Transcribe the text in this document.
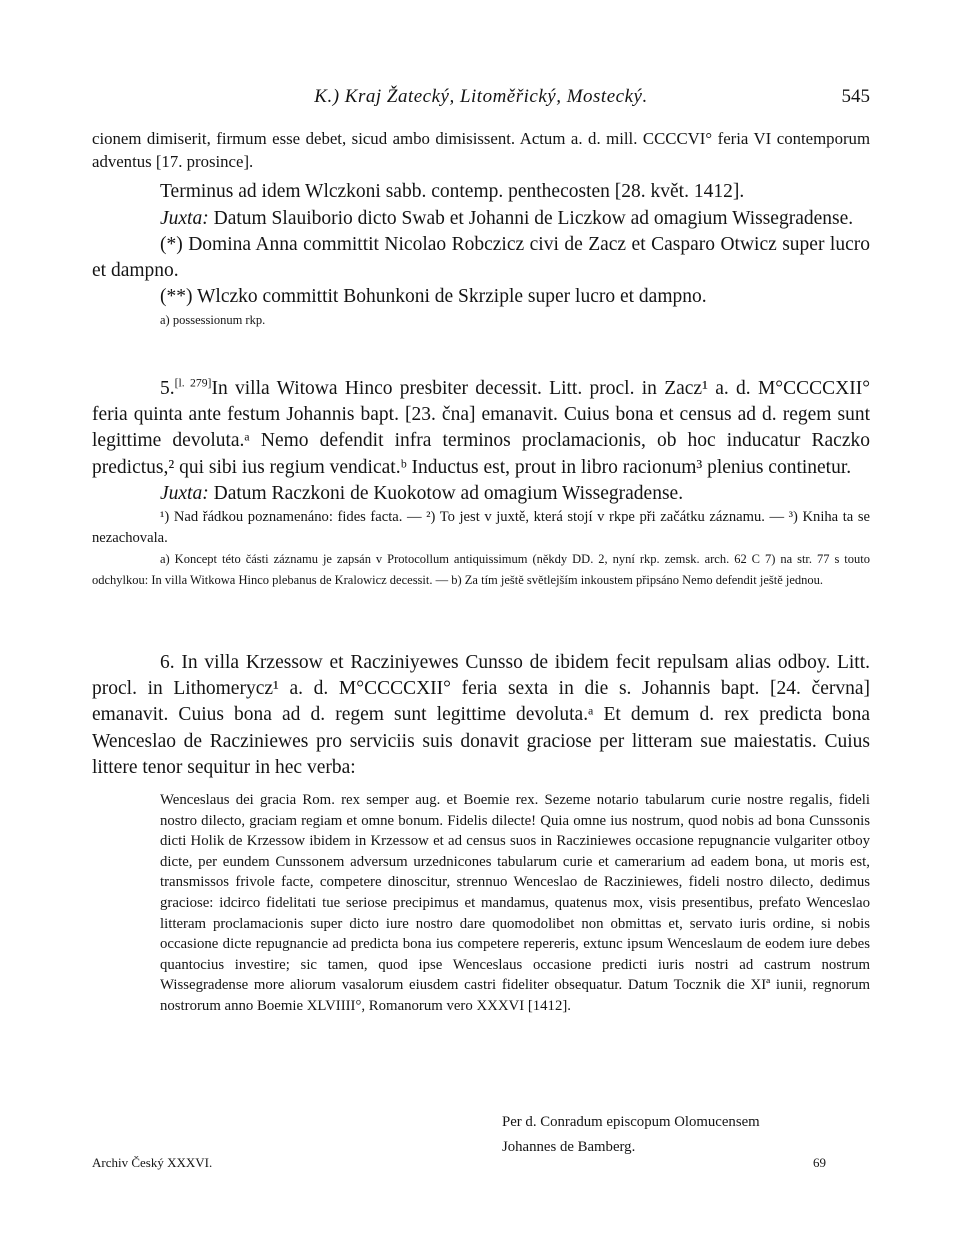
K.) Kraj Žatecký, Litoměřický, Mostecký.	545

cionem dimiserit, firmum esse debet, sicud ambo dimisissent. Actum a. d. mill. CCCCVI° feria VI contemporum adventus [17. prosince].

Terminus ad idem Wlczkoni sabb. contemp. penthecosten [28. květ. 1412].

Juxta: Datum Slauiborio dicto Swab et Johanni de Liczkow ad omagium Wissegradense.

(*) Domina Anna committit Nicolao Robczicz civi de Zacz et Casparo Otwicz super lucro et dampno.

(**) Wlczko committit Bohunkoni de Skrziple super lucro et dampno.

a) possessionum rkp.

5.[l. 279]In villa Witowa Hinco presbiter decessit. Litt. procl. in Zacz¹ a. d. M°CCCCXII° feria quinta ante festum Johannis bapt. [23. čna] emanavit. Cuius bona et census ad d. regem sunt legittime devoluta.ᵃ Nemo defendit infra terminos proclamacionis, ob hoc inducatur Raczko predictus,² qui sibi ius regium vendicat.ᵇ Inductus est, prout in libro racionum³ plenius continetur.

Juxta: Datum Raczkoni de Kuokotow ad omagium Wissegradense.

¹) Nad řádkou poznamenáno: fides facta. — ²) To jest v juxtě, která stojí v rkpe při začátku záznamu. — ³) Kniha ta se nezachovala.

a) Koncept této části záznamu je zapsán v Protocollum antiquissimum (někdy DD. 2, nyní rkp. zemsk. arch. 62 C 7) na str. 77 s touto odchylkou: In villa Witkowa Hinco plebanus de Kralowicz decessit. — b) Za tím ještě světlejším inkoustem připsáno Nemo defendit ještě jednou.

6. In villa Krzessow et Racziniyewes Cunsso de ibidem fecit repulsam alias odboy. Litt. procl. in Lithomerycz¹ a. d. M°CCCCXII° feria sexta in die s. Johannis bapt. [24. června] emanavit. Cuius bona ad d. regem sunt legittime devoluta.ᵃ Et demum d. rex predicta bona Wenceslao de Racziniewes pro serviciis suis donavit graciose per litteram sue maiestatis. Cuius littere tenor sequitur in hec verba:

Wenceslaus dei gracia Rom. rex semper aug. et Boemie rex. Sezeme notario tabularum curie nostre regalis, fideli nostro dilecto, graciam regiam et omne bonum. Fidelis dilecte! Quia omne ius nostrum, quod nobis ad bona Cunssonis dicti Holik de Krzessow ibidem in Krzessow et ad census suos in Racziniewes occasione repugnancie vulgariter otboy dicte, per eundem Cunssonem adversum urzednicones tabularum curie et camerarium ad eadem bona, ut moris est, transmissos frivole facte, competere dinoscitur, strennuo Wenceslao de Racziniewes, fideli nostro dilecto, dedimus graciose: idcirco fidelitati tue seriose precipimus et mandamus, quatenus mox, visis presentibus, prefato Wenceslao litteram proclamacionis super dicto iure nostro dare quomodolibet non obmittas et, servato iuris ordine, si nobis occasione dicte repugnancie ad predicta bona ius competere repereris, extunc ipsum Wenceslaum de eodem iure debes quantocius investire; sic tamen, quod ipse Wenceslaus occasione predicti iuris nostri ad castrum nostrum Wissegradense more aliorum vasalorum eiusdem castri fideliter obsequatur. Datum Tocznik die XIª iunii, regnorum nostrorum anno Boemie XLVIIII°, Romanorum vero XXXVI [1412].

Per d. Conradum episcopum Olomucensem
Johannes de Bamberg.
Archiv Český XXXVI.	69
